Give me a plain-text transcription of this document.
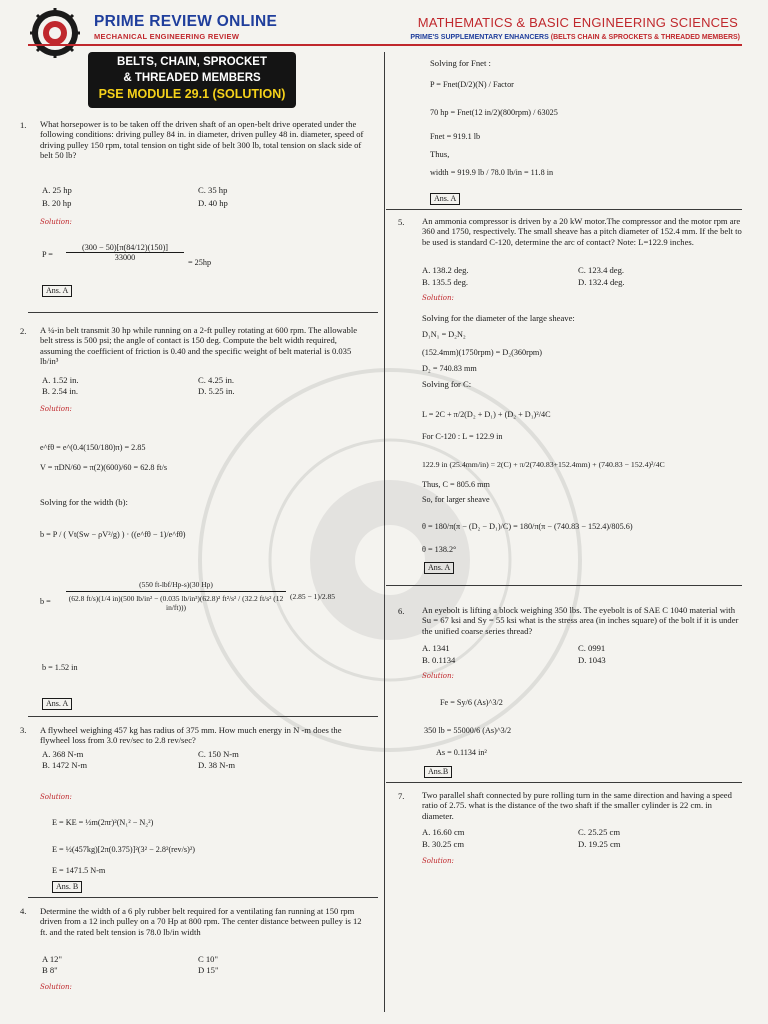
PRIME REVIEW ONLINE
MECHANICAL ENGINEERING REVIEW
MATHEMATICS & BASIC ENGINEERING SCIENCES
PRIME'S SUPPLEMENTARY ENHANCERS (BELTS CHAIN & SPROCKETS & THREADED MEMBERS)
BELTS, CHAIN, SPROCKET
& THREADED MEMBERS
PSE MODULE 29.1 (SOLUTION)
1. What horsepower is to be taken off the driven shaft of an open-belt drive operated under the following conditions: driving pulley 84 in. in diameter, driven pulley 48 in. diameter, speed of driving pulley 150 rpm, total tension on tight side of belt 300 lb, total tension on slack side of belt 50 lb?
A. 25 hp
B. 20 hp
C. 35 hp
D. 40 hp
Solution:
$P = \frac{(300 - 50)[\pi(84/12)(150)]}{33000}$
= 25hp
Ans. A
2. A ¼-in belt transmit 30 hp while running on a 2-ft pulley rotating at 600 rpm. The allowable belt stress is 500 psi; the angle of contact is 150 deg. Compute the belt width required, assuming the coefficient of friction is 0.40 and the specific weight of belt material is 0.035 lb/in³
A. 1.52 in.
B. 2.54 in.
C. 4.25 in.
D. 5.25 in.
Solution:
e^fθ = e^(0.4(150/180)π) = 2.85
V = πDN/60 = π(2)(600)/60 = 62.8 ft/s
Solving for the width (b):
b = P / ( Vt(Sw − ρV²/g) ) · ((e^fθ − 1)/e^fθ)
b =
(550 ft-lbf/Hp-s)(30 Hp)
(62.8 ft/s)(1/4 in)(500 lb/in² − (0.035 lb/in³)(62.8)² ft²/s² / (32.2 ft/s² (12 in/ft)))
(2.85 − 1)/2.85
b = 1.52 in
Ans. A
3. A flywheel weighing 457 kg has radius of 375 mm. How much energy in N -m does the flywheel loss from 3.0 rev/sec to 2.8 rev/sec?
A. 368 N-m
B. 1472 N-m
C. 150 N-m
D. 38 N-m
Solution:
E = KE = ½m(2πr)²(N₁² − N₂²)
E = ½(457kg)[2π(0.375)]²(3² − 2.8²(rev/s)²)
E = 1471.5 N-m
Ans. B
4. Determine the width of a 6 ply rubber belt required for a ventilating fan running at 150 rpm driven from a 12 inch pulley on a 70 Hp at 800 rpm. The center distance between pulley is 12 ft. and the rated belt tension is 78.0 lb/in width
A 12"
B 8"
C 10"
D 15"
Solution:
Solving for Fnet :
P = Fnet(D/2)(N) / Factor
70 hp = Fnet(12 in/2)(800rpm) / 63025
Fnet = 919.1 lb
Thus,
width = 919.9 lb / 78.0 lb/in = 11.8 in
Ans. A
5. An ammonia compressor is driven by a 20 kW motor.The compressor and the motor rpm are 360 and 1750, respectively. The small sheave has a pitch diameter of 152.4 mm. If the belt to be used is standard C-120, determine the arc of contact? Note: L=122.9 inches.
A. 138.2 deg.
B. 135.5 deg.
C. 123.4 deg.
D. 132.4 deg.
Solution:
Solving for the diameter of the large sheave:
D₁N₁ = D₂N₂
(152.4mm)(1750rpm) = D₂(360rpm)
D₂ = 740.83 mm
Solving for C:
L = 2C + π/2(D₂ + D₁) + (D₂ + D₁)²/4C
For C-120 : L = 122.9 in
122.9 in (25.4mm/in) = 2(C) + π/2(740.83+152.4mm) + (740.83 − 152.4)²/4C
Thus, C = 805.6 mm
So, for larger sheave
θ = 180/π(π − (D₂ − D₁)/C) = 180/π(π − (740.83 − 152.4)/805.6)
θ = 138.2°
Ans. A
6. An eyebolt is lifting a block weighing 350 lbs. The eyebolt is of SAE C 1040 material with Su = 67 ksi and Sy = 55 ksi what is the stress area (in inches square) of the bolt if it is under the unified coarse series thread?
A. 1341
B. 0.1134
C. 0991
D. 1043
Solution:
Fe = Sy/6 (As)^3/2
350 lb = 55000/6 (As)^3/2
As = 0.1134 in²
Ans.B
7. Two parallel shaft connected by pure rolling turn in the same direction and having a speed ratio of 2.75. what is the distance of the two shaft if the smaller cylinder is 22 cm. in diameter.
A. 16.60 cm
B. 30.25 cm
C. 25.25 cm
D. 19.25 cm
Solution:
